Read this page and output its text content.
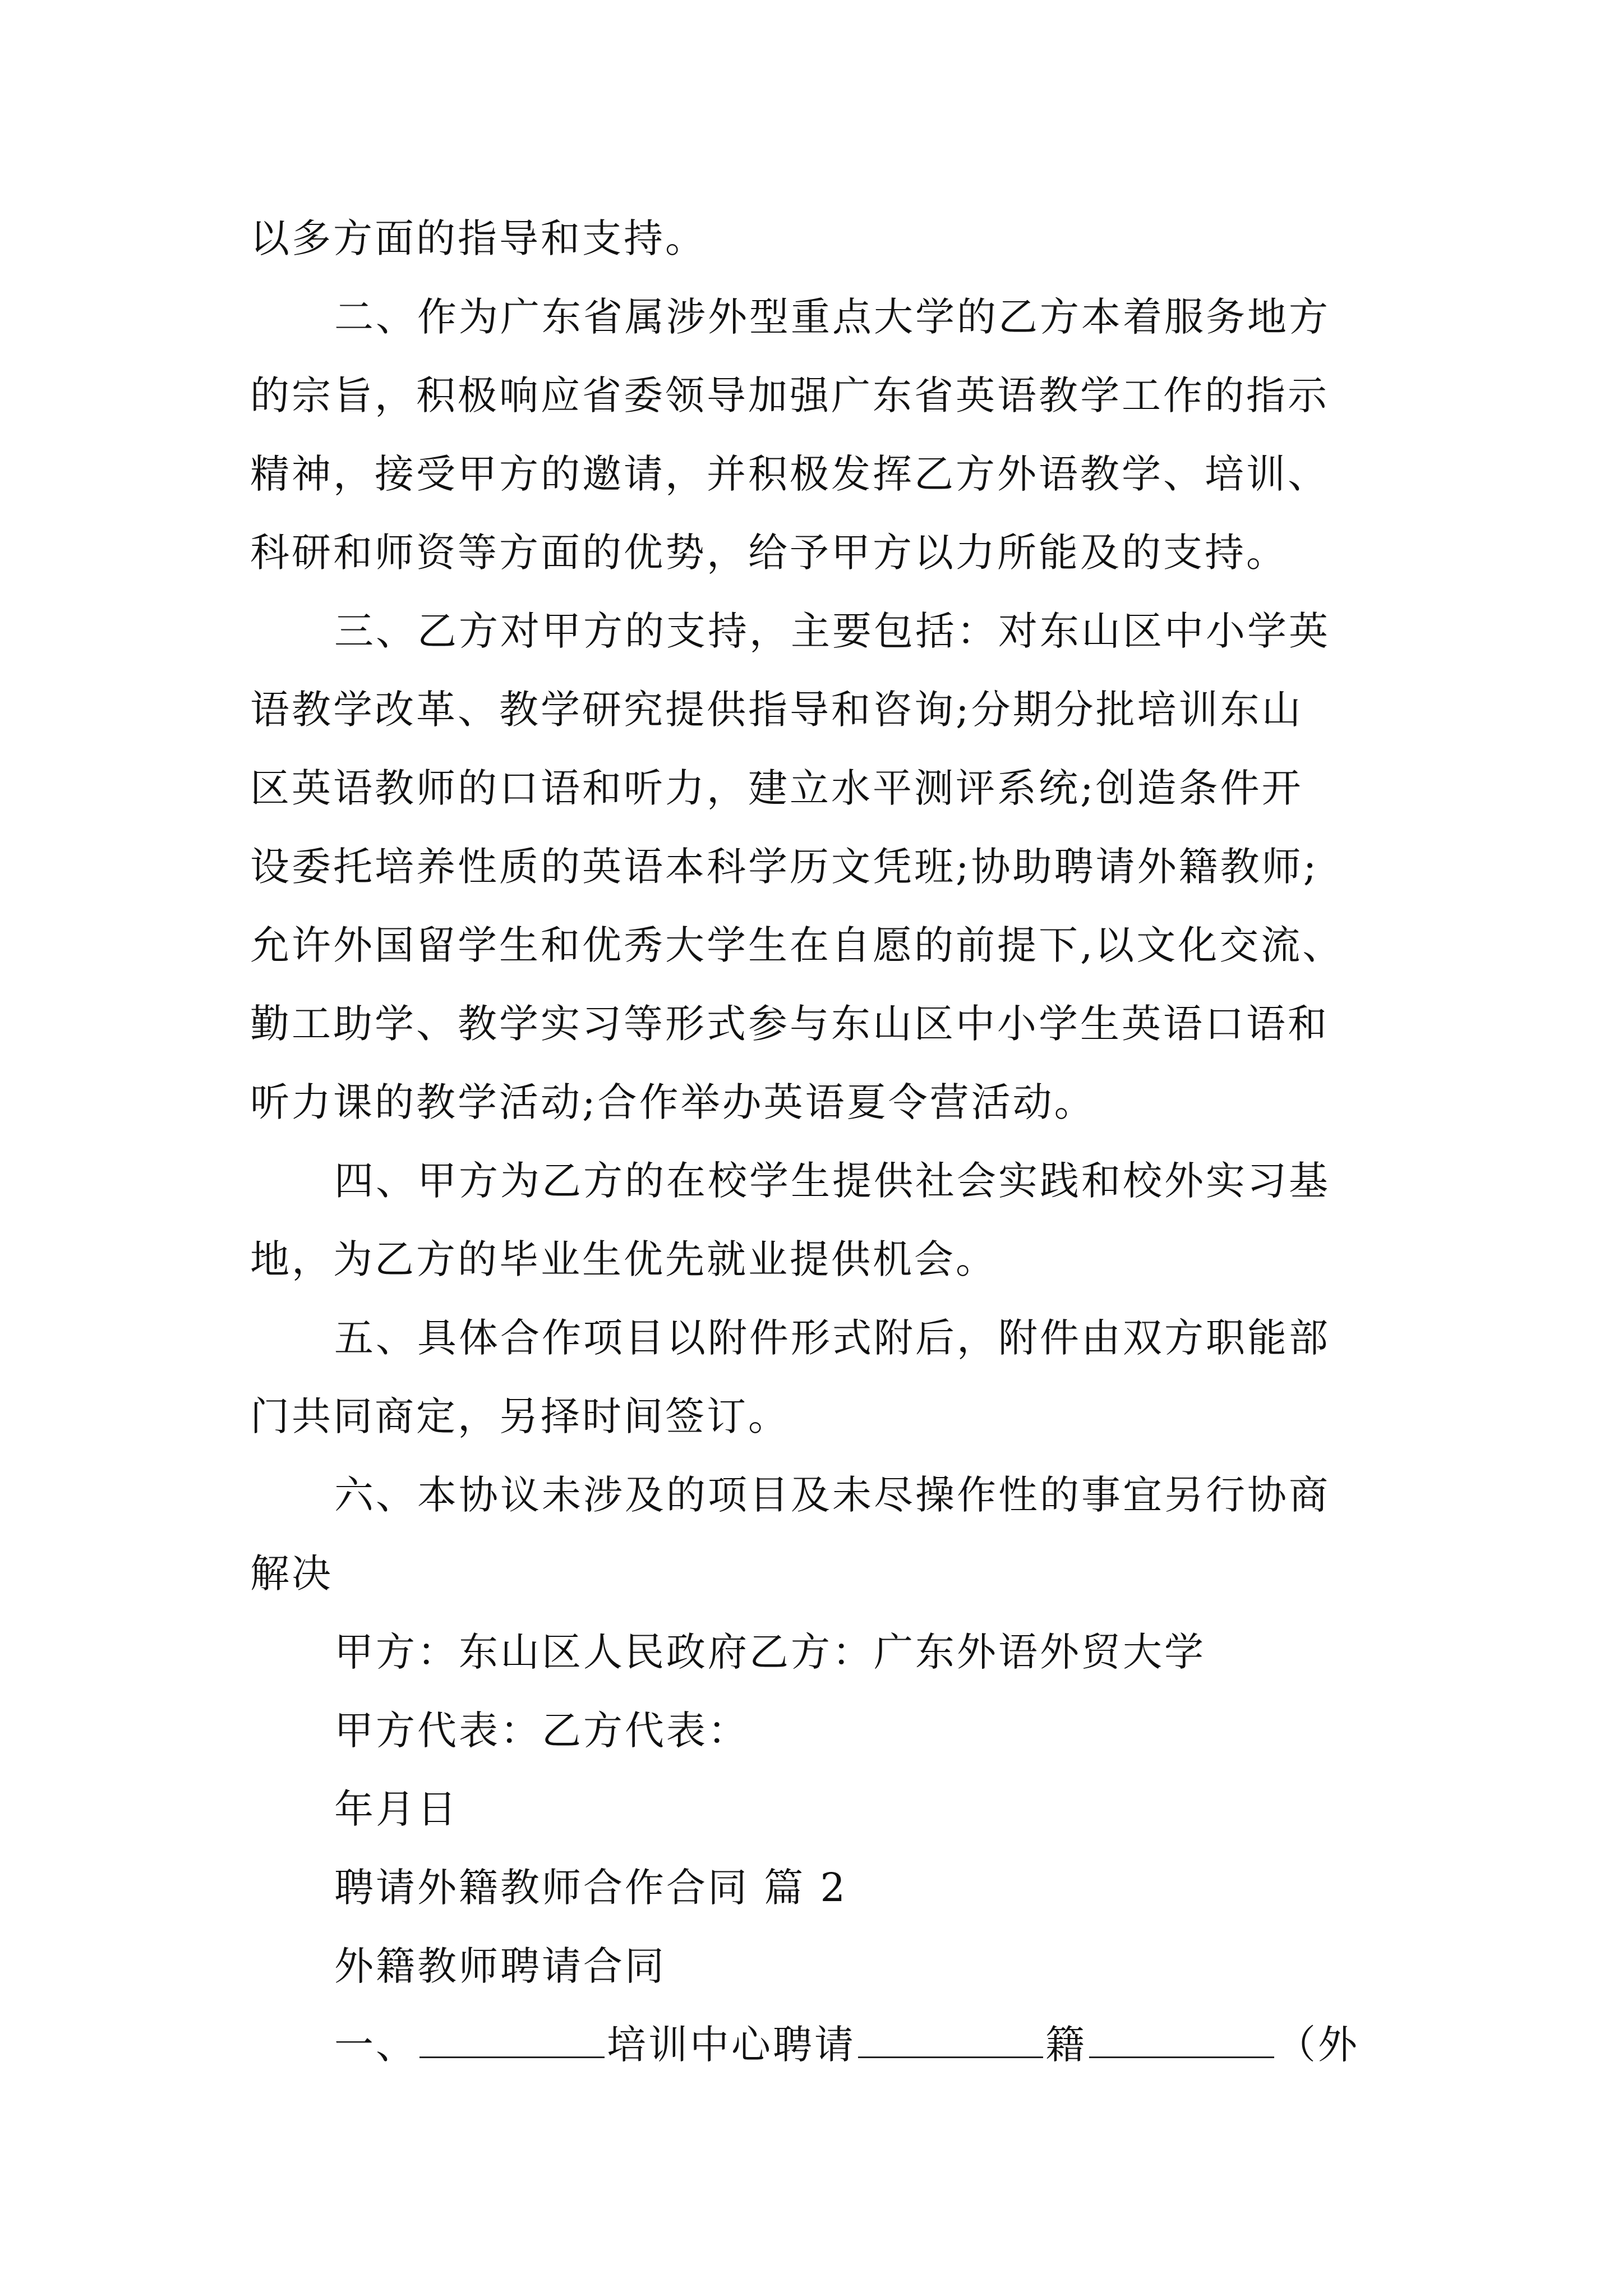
以多方面的指导和支持。
二、作为广东省属涉外型重点大学的乙方本着服务地方
的宗旨，积极响应省委领导加强广东省英语教学工作的指示
精神，接受甲方的邀请，并积极发挥乙方外语教学、培训、
科研和师资等方面的优势，给予甲方以力所能及的支持。
三、乙方对甲方的支持，主要包括：对东山区中小学英
语教学改革、教学研究提供指导和咨询;分期分批培训东山
区英语教师的口语和听力，建立水平测评系统;创造条件开
设委托培养性质的英语本科学历文凭班;协助聘请外籍教师;
允许外国留学生和优秀大学生在自愿的前提下,以文化交流、
勤工助学、教学实习等形式参与东山区中小学生英语口语和
听力课的教学活动;合作举办英语夏令营活动。
四、甲方为乙方的在校学生提供社会实践和校外实习基
地，为乙方的毕业生优先就业提供机会。
五、具体合作项目以附件形式附后，附件由双方职能部
门共同商定，另择时间签订。
六、本协议未涉及的项目及未尽操作性的事宜另行协商
解决
甲方：东山区人民政府乙方：广东外语外贸大学
甲方代表：乙方代表：
年月日
聘请外籍教师合作合同 篇 2
外籍教师聘请合同
一、	培训中心聘请	籍	（外
